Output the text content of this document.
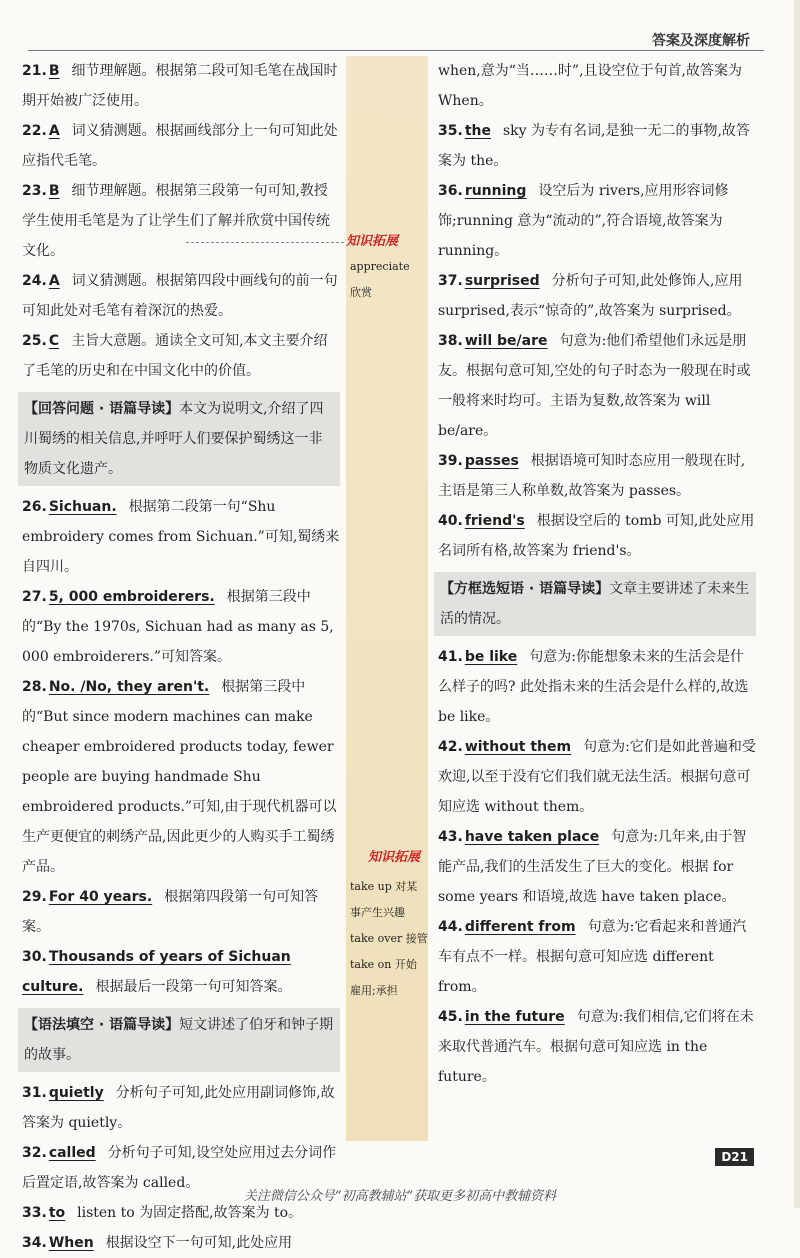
答案及深度解析
21. B 细节理解题。根据第二段可知毛笔在战国时期开始被广泛使用。
22. A 词义猜测题。根据画线部分上一句可知此处应指代毛笔。
23. B 细节理解题。根据第三段第一句可知,教授学生使用毛笔是为了让学生们了解并欣赏中国传统文化。
24. A 词义猜测题。根据第四段中画线句的前一句可知此处对毛笔有着深沉的热爱。
25. C 主旨大意题。通读全文可知,本文主要介绍了毛笔的历史和在中国文化中的价值。
【回答问题 · 语篇导读】本文为说明文,介绍了四川蜀绣的相关信息,并呼吁人们要保护蜀绣这一非物质文化遗产。
26. Sichuan. 根据第二段第一句“Shu embroidery comes from Sichuan.”可知,蜀绣来自四川。
27. 5, 000 embroiderers. 根据第三段中的“By the 1970s, Sichuan had as many as 5, 000 embroiderers.”可知答案。
28. No. /No, they aren't. 根据第三段中的“But since modern machines can make cheaper embroidered products today, fewer people are buying handmade Shu embroidered products.”可知,由于现代机器可以生产更便宜的刺绣产品,因此更少的人购买手工蜀绣产品。
29. For 40 years. 根据第四段第一句可知答案。
30. Thousands of years of Sichuan culture. 根据最后一段第一句可知答案。
【语法填空 · 语篇导读】短文讲述了伯牙和钟子期的故事。
31. quietly 分析句子可知,此处应用副词修饰,故答案为 quietly。
32. called 分析句子可知,设空处应用过去分词作后置定语,故答案为 called。
33. to listen to 为固定搭配,故答案为 to。
34. When 根据设空下一句可知,此处应用
when,意为“当……时”,且设空位于句首,故答案为 When。
35. the sky 为专有名词,是独一无二的事物,故答案为 the。
36. running 设空后为 rivers,应用形容词修饰;running 意为“流动的”,符合语境,故答案为 running。
37. surprised 分析句子可知,此处修饰人,应用 surprised,表示“惊奇的”,故答案为 surprised。
38. will be/are 句意为:他们希望他们永远是朋友。根据句意可知,空处的句子时态为一般现在时或一般将来时均可。主语为复数,故答案为 will be/are。
39. passes 根据语境可知时态应用一般现在时,主语是第三人称单数,故答案为 passes。
40. friend's 根据设空后的 tomb 可知,此处应用名词所有格,故答案为 friend's。
【方框选短语 · 语篇导读】文章主要讲述了未来生活的情况。
41. be like 句意为:你能想象未来的生活会是什么样子的吗? 此处指未来的生活会是什么样的,故选 be like。
42. without them 句意为:它们是如此普遍和受欢迎,以至于没有它们我们就无法生活。根据句意可知应选 without them。
43. have taken place 句意为:几年来,由于智能产品,我们的生活发生了巨大的变化。根据 for some years 和语境,故选 have taken place。
44. different from 句意为:它看起来和普通汽车有点不一样。根据句意可知应选 different from。
45. in the future 句意为:我们相信,它们将在未来取代普通汽车。根据句意可知应选 in the future。
知识拓展
appreciate
欣赏
知识拓展
take up 对某
事产生兴趣
take over 接管
take on 开始
雇用;承担
D21
关注微信公众号“初高教辅站”获取更多初高中教辅资料
